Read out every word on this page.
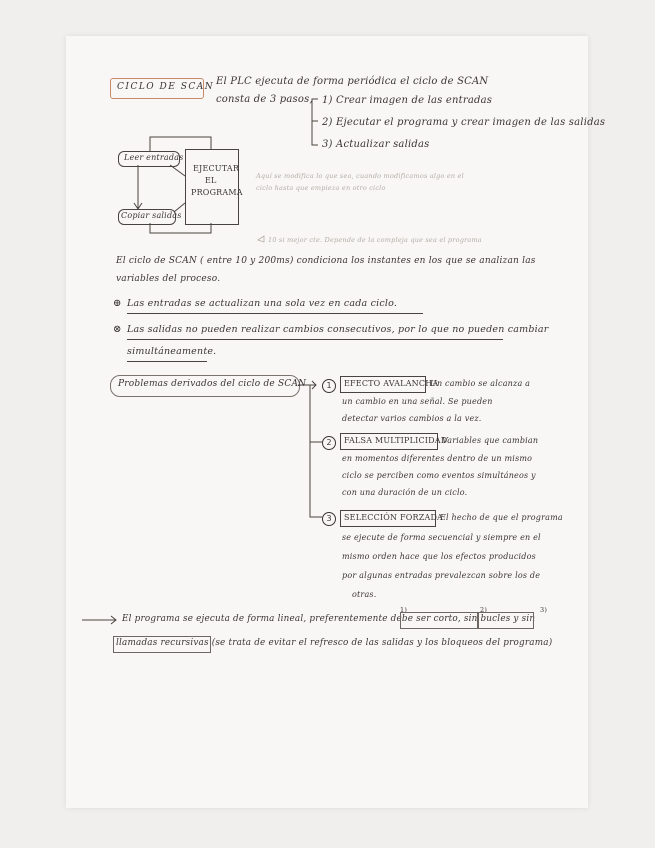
CICLO DE SCAN El PLC ejecuta de forma periódica el ciclo de SCAN
consta de 3 pasos, 1) Crear imagen de las entradas
2) Ejecutar el programa y crear imagen de las salidas
3) Actualizar salidas
Leer entradas
EJECUTAR
EL
PROGRAMA
Copiar salidas
Aquí se modifica lo que sea, cuando modificamos algo en el
ciclo hasta que empieza en otro ciclo
10 si mejor cte. Depende de la compleja que sea el programa
El ciclo de SCAN ( entre 10 y 200ms) condiciona los instantes en los que se analizan las
variables del proceso.
⊕ Las entradas se actualizan una sola vez en cada ciclo.
⊗ Las salidas no pueden realizar cambios consecutivos, por lo que no pueden cambiar
simultáneamente.
Problemas derivados del ciclo de SCAN	1	EFECTO AVALANCHA
Un cambio se alcanza a
un cambio en una señal. Se pueden
detectar varios cambios a la vez.
2	FALSA MULTIPLICIDAD
Variables que cambian
en momentos diferentes dentro de un mismo
ciclo se perciben como eventos simultáneos y
con una duración de un ciclo.
3	SELECCIÓN FORZADA
El hecho de que el programa
se ejecute de forma secuencial y siempre en el
mismo orden hace que los efectos producidos
por algunas entradas prevalezcan sobre los de
otras.
1)	2)	3)
El programa se ejecuta de forma lineal, preferentemente debe ser corto, sin bucles y sin
llamadas recursivas (se trata de evitar el refresco de las salidas y los bloqueos del programa)
